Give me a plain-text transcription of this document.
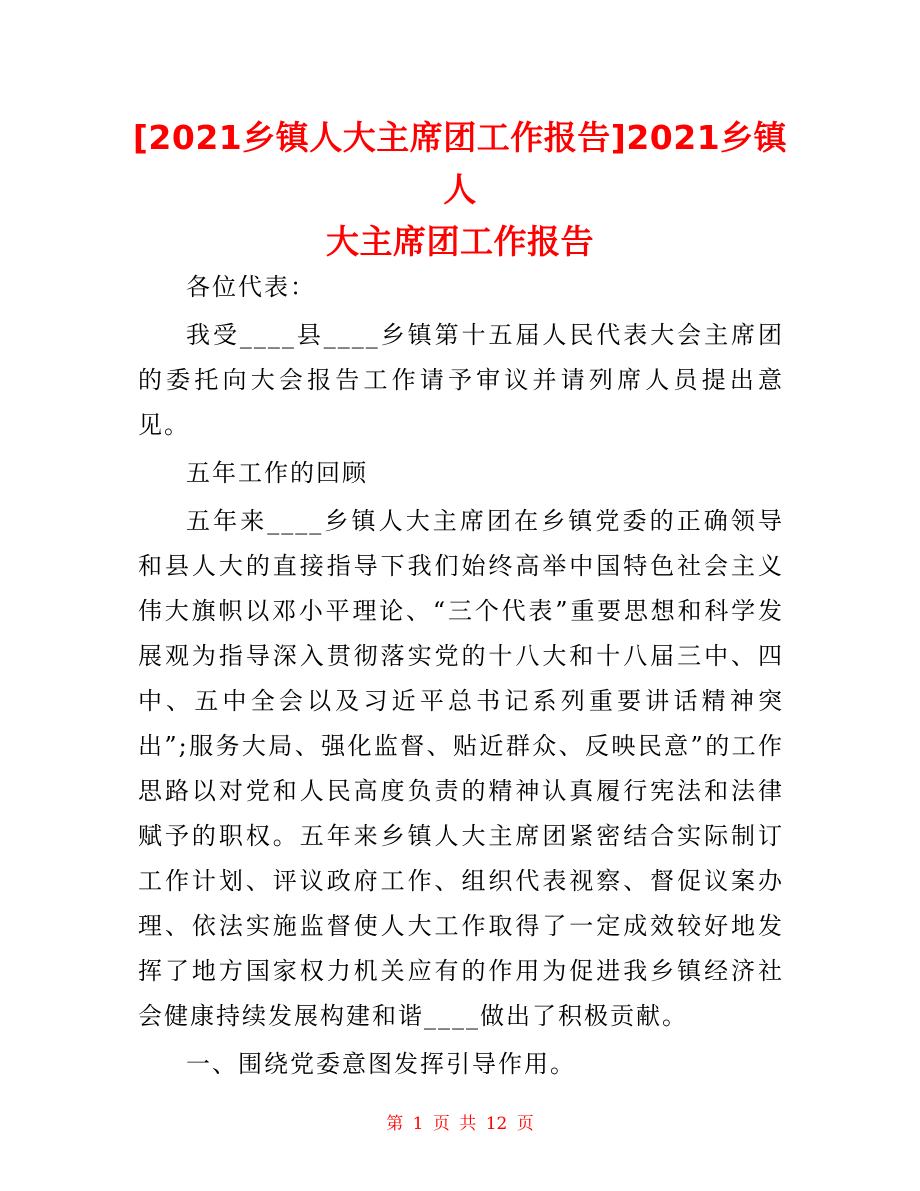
[2021乡镇人大主席团工作报告]2021乡镇人
大主席团工作报告

各位代表：

我受____县____乡镇第十五届人民代表大会主席团的委托向大会报告工作请予审议并请列席人员提出意见。

五年工作的回顾

五年来____乡镇人大主席团在乡镇党委的正确领导和县人大的直接指导下我们始终高举中国特色社会主义伟大旗帜以邓小平理论、“三个代表”重要思想和科学发展观为指导深入贯彻落实党的十八大和十八届三中、四中、五中全会以及习近平总书记系列重要讲话精神突出”;服务大局、强化监督、贴近群众、反映民意”的工作思路以对党和人民高度负责的精神认真履行宪法和法律赋予的职权。五年来乡镇人大主席团紧密结合实际制订工作计划、评议政府工作、组织代表视察、督促议案办理、依法实施监督使人大工作取得了一定成效较好地发挥了地方国家权力机关应有的作用为促进我乡镇经济社会健康持续发展构建和谐____做出了积极贡献。

一、围绕党委意图发挥引导作用。

第 1 页 共 12 页
